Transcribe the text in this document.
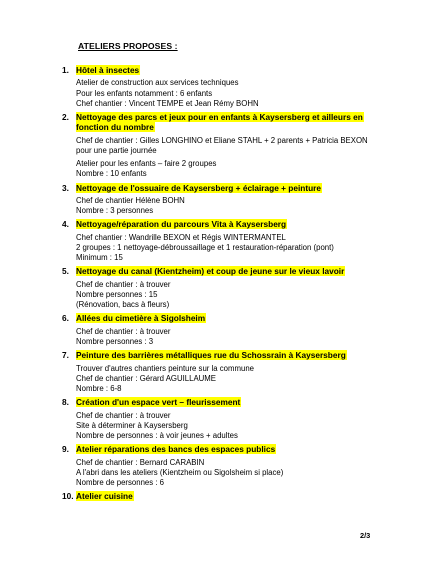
ATELIERS PROPOSES :
1. Hôtel à insectes
Atelier de construction aux services techniques
Pour les enfants notamment : 6 enfants
Chef chantier : Vincent TEMPE et Jean Rémy BOHN
2. Nettoyage des parcs et jeux pour en enfants à Kaysersberg et ailleurs en fonction du nombre
Chef de chantier : Gilles LONGHINO et Eliane STAHL + 2 parents + Patricia BEXON pour une partie journée
Atelier pour les enfants – faire 2 groupes
Nombre : 10 enfants
3. Nettoyage de l'ossuaire de Kaysersberg + éclairage + peinture
Chef de chantier Hélène BOHN
Nombre : 3 personnes
4. Nettoyage/réparation du parcours Vita à Kaysersberg
Chef chantier : Wandrille BEXON et Régis WINTERMANTEL
2 groupes : 1 nettoyage-débroussaillage et 1 restauration-réparation (pont)
Minimum : 15
5. Nettoyage du canal (Kientzheim) et coup de jeune sur le vieux lavoir
Chef de chantier : à trouver
Nombre personnes : 15
(Rénovation, bacs à fleurs)
6. Allées du cimetière à Sigolsheim
Chef de chantier : à trouver
Nombre personnes : 3
7. Peinture des barrières métalliques rue du Schossrain à Kaysersberg
Trouver d'autres chantiers peinture sur la commune
Chef de chantier : Gérard AGUILLAUME
Nombre : 6-8
8. Création d'un espace vert – fleurissement
Chef de chantier : à trouver
Site à déterminer à Kaysersberg
Nombre de personnes : à voir jeunes + adultes
9. Atelier réparations des bancs des espaces publics
Chef de chantier : Bernard CARABIN
A l'abri dans les ateliers (Kientzheim ou Sigolsheim si place)
Nombre de personnes : 6
10. Atelier cuisine
2/3
